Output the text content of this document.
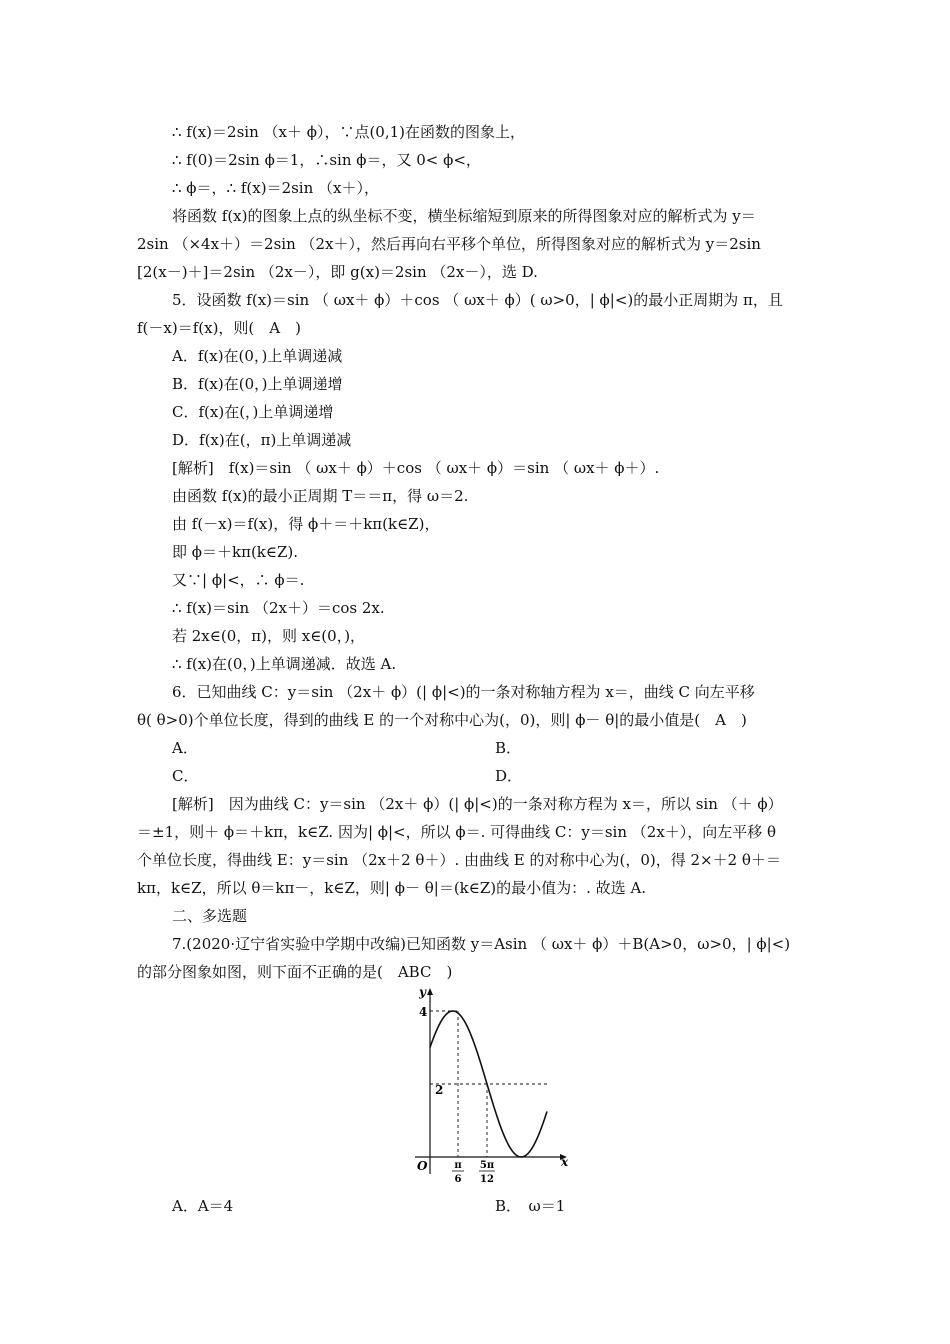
∴ f(x)＝2sin （x＋ ϕ），∵点(0,1)在函数的图象上，
∴ f(0)＝2sin ϕ＝1，∴sin ϕ＝，又 0< ϕ<，
∴ ϕ＝，∴ f(x)＝2sin （x＋），
将函数 f(x)的图象上点的纵坐标不变，横坐标缩短到原来的所得图象对应的解析式为 y＝
2sin （×4x＋）＝2sin （2x＋），然后再向右平移个单位，所得图象对应的解析式为 y＝2sin
[2(x－)＋]＝2sin （2x－），即 g(x)＝2sin （2x－），选 D.
5．设函数 f(x)＝sin （ ωx＋ ϕ）＋cos （ ωx＋ ϕ）( ω>0，| ϕ|<)的最小正周期为 π，且
f(－x)＝f(x)，则(　A　)
A．f(x)在(0，)上单调递减
B．f(x)在(0，)上单调递增
C．f(x)在(，)上单调递增
D．f(x)在(，π)上单调递减
[解析]　f(x)＝sin （ ωx＋ ϕ）＋cos （ ωx＋ ϕ）＝sin （ ωx＋ ϕ＋）.
由函数 f(x)的最小正周期 T＝＝π，得 ω＝2.
由 f(－x)＝f(x)，得 ϕ＋＝＋kπ(k∈Z)，
即 ϕ＝＋kπ(k∈Z).
又∵| ϕ|<，∴ ϕ＝.
∴ f(x)＝sin （2x＋）＝cos 2x.
若 2x∈(0，π)，则 x∈(0，)，
∴ f(x)在(0，)上单调递减．故选 A.
6．已知曲线 C：y＝sin （2x＋ ϕ）(| ϕ|<)的一条对称轴方程为 x＝，曲线 C 向左平移
θ( θ>0)个单位长度，得到的曲线 E 的一个对称中心为(，0)，则| ϕ－ θ|的最小值是(　A　)
A．	B．
C．	D．
[解析]　因为曲线 C：y＝sin （2x＋ ϕ）(| ϕ|<)的一条对称方程为 x＝，所以 sin （＋ ϕ）
＝±1，则＋ ϕ＝＋kπ，k∈Z. 因为| ϕ|<，所以 ϕ＝. 可得曲线 C：y＝sin （2x＋），向左平移 θ
个单位长度，得曲线 E：y＝sin （2x＋2 θ＋）. 由曲线 E 的对称中心为(，0)，得 2×＋2 θ＋＝
kπ，k∈Z，所以 θ＝kπ－，k∈Z，则| ϕ－ θ|＝(k∈Z)的最小值为：. 故选 A.
二、多选题
7.(2020·辽宁省实验中学期中改编)已知函数 y＝Asin （ ωx＋ ϕ）＋B(A>0，ω>0，| ϕ|<)
的部分图象如图，则下面不正确的是(　ABC　)
y
x
O
4
2
π
6
5π
12
A．A＝4	B．　ω＝1
